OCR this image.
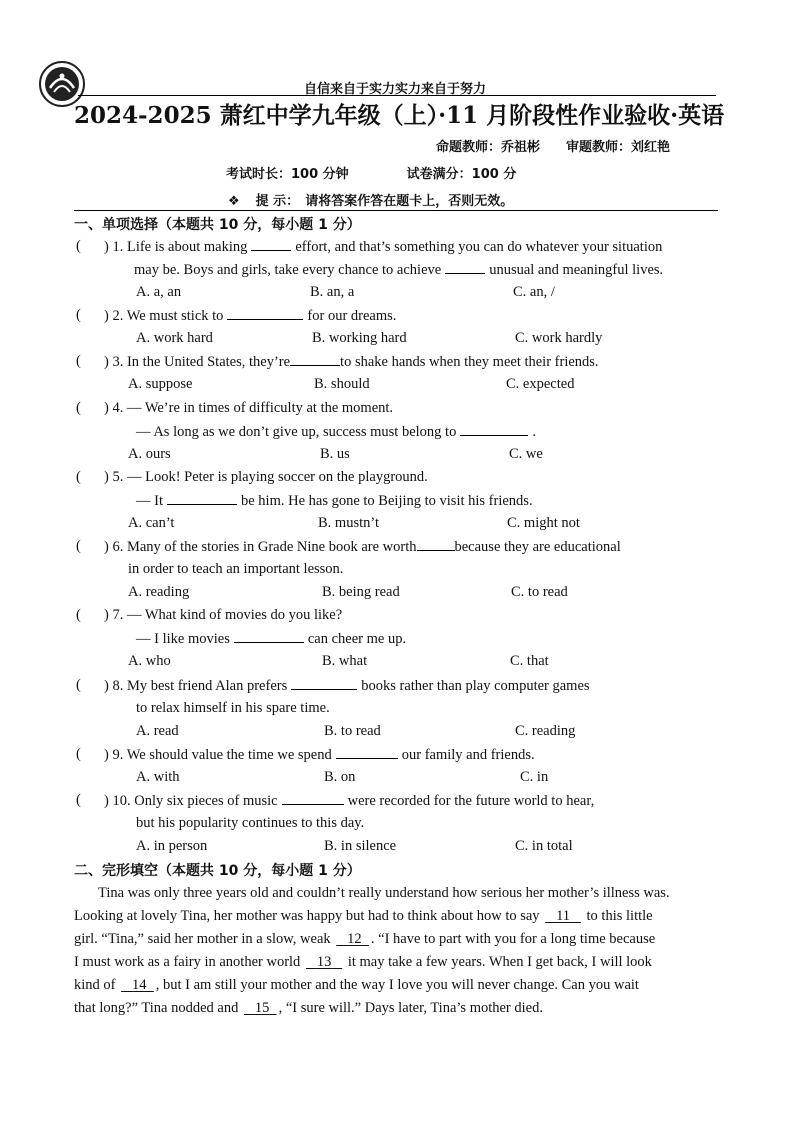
自信来自于实力实力来自于努力
2024-2025 萧红中学九年级（上）·11 月阶段性作业验收·英语
命题教师：乔祖彬 审题教师：刘红艳
考试时长：100 分钟	试卷满分：100 分
❖ 提 示： 请将答案作答在题卡上，否则无效。
一、单项选择（本题共 10 分，每小题 1 分）
( ) 1. Life is about making	effort, and that’s something you can do whatever your situation
may be. Boys and girls, take every chance to achieve	unusual and meaningful lives.
A. a, an	B. an, a	C. an, /
( ) 2. We must stick to	for our dreams.
A. work hard	B. working hard	C. work hardly
( ) 3. In the United States, they’re	to shake hands when they meet their friends.
A. suppose	B. should	C. expected
( ) 4. — We’re in times of difficulty at the moment.
— As long as we don’t give up, success must belong to	.
A. ours	B. us	C. we
( ) 5. — Look! Peter is playing soccer on the playground.
— It	be him. He has gone to Beijing to visit his friends.
A. can’t	B. mustn’t	C. might not
( ) 6. Many of the stories in Grade Nine book are worth	because they are educational
in order to teach an important lesson.
A. reading	B. being read	C. to read
( ) 7. — What kind of movies do you like?
— I like movies	can cheer me up.
A. who	B. what	C. that
( ) 8. My best friend Alan prefers	books rather than play computer games
to relax himself in his spare time.
A. read	B. to read	C. reading
( ) 9. We should value the time we spend	our family and friends.
A. with	B. on	C. in
( ) 10. Only six pieces of music	were recorded for the future world to hear,
but his popularity continues to this day.
A. in person	B. in silence	C. in total
二、完形填空（本题共 10 分，每小题 1 分）
Tina was only three years old and couldn’t really understand how serious her mother’s illness was.
Looking at lovely Tina, her mother was happy but had to think about how to say 11 to this little
girl. “Tina,” said her mother in a slow, weak 12 . “I have to part with you for a long time because
I must work as a fairy in another world 13 it may take a few years. When I get back, I will look
kind of 14 , but I am still your mother and the way I love you will never change. Can you wait
that long?” Tina nodded and 15 , “I sure will.” Days later, Tina’s mother died.
